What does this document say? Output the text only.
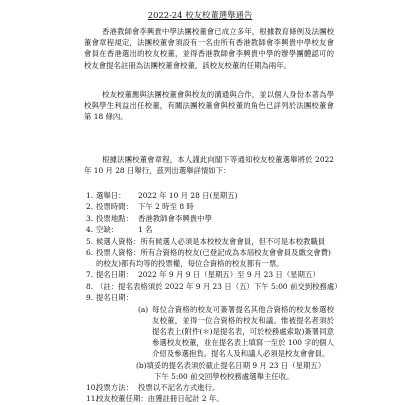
2022-24 校友校董選舉通告

香港教師會李興貴中學法團校董會已成立多年，根據教育條例及法團校董會章程規定，法團校董會須設有一名由所有香港教師會李興貴中學校友會會員在香港選出的校友校董，並得香港教師會李興貴中學的辦學團體認可的校友會提名註冊為法團校董會校董，該校友校董的任期為兩年。

校友校董應與法團校董會與校友的溝通與合作，並以個人身份本著為學校與學生利益出任校董，有關法團校董會與校董的角色已詳列於法團校董會第 18 條內。

根據法團校董會章程，本人謹此向閣下等通知校友校董選舉將於 2022 年 10 月 28 日舉行，茲列出選舉詳情如下：

1. 選舉日：	2022 年 10 月 28 日(星期五)
2. 投票時間： 下午 2 時至 8 時
3. 投票地點： 香港教師會李興貴中學
4. 空缺：	1 名
5. 候選人資格： 所有候選人必須是本校校友會會員，但不可是本校教職員
6. 投票人資格：所有合資格的校友(已登記成為本屆校友會會員及繳交會費)的校友)都有均等的投票權，每位合資格的校友都有一票。
7. 提名日期： 2022 年 9 月 9 日（星期五）至 9 月 23 日（星期五）
8. （註：提名表格須於 2022 年 9 月 23 日（五）下午 5:00 前交到校務處）
9. 提名日期：
(a) 每位合資格的校友可簽署提名其他合資格的校友參選校友校董，並得一位合資格的校友和議。惟被提名者須於提名表上(附件(＊)是提名表，可於校務處索取)簽署同意參選校友校董，並在提名表上填寫一至於 100 字的個人介紹及參選抱負。提名人及和議人必須是校友會會員。
(b)填妥的提名表須於截止提名日期 9 月 23 日（星期五）
下午 5:00 前交回學校校務處選舉主任收。
10.
投票方法： 投票以不記名方式進行。
11.
校友校董任期： 由獲註冊日起計 2 年。
